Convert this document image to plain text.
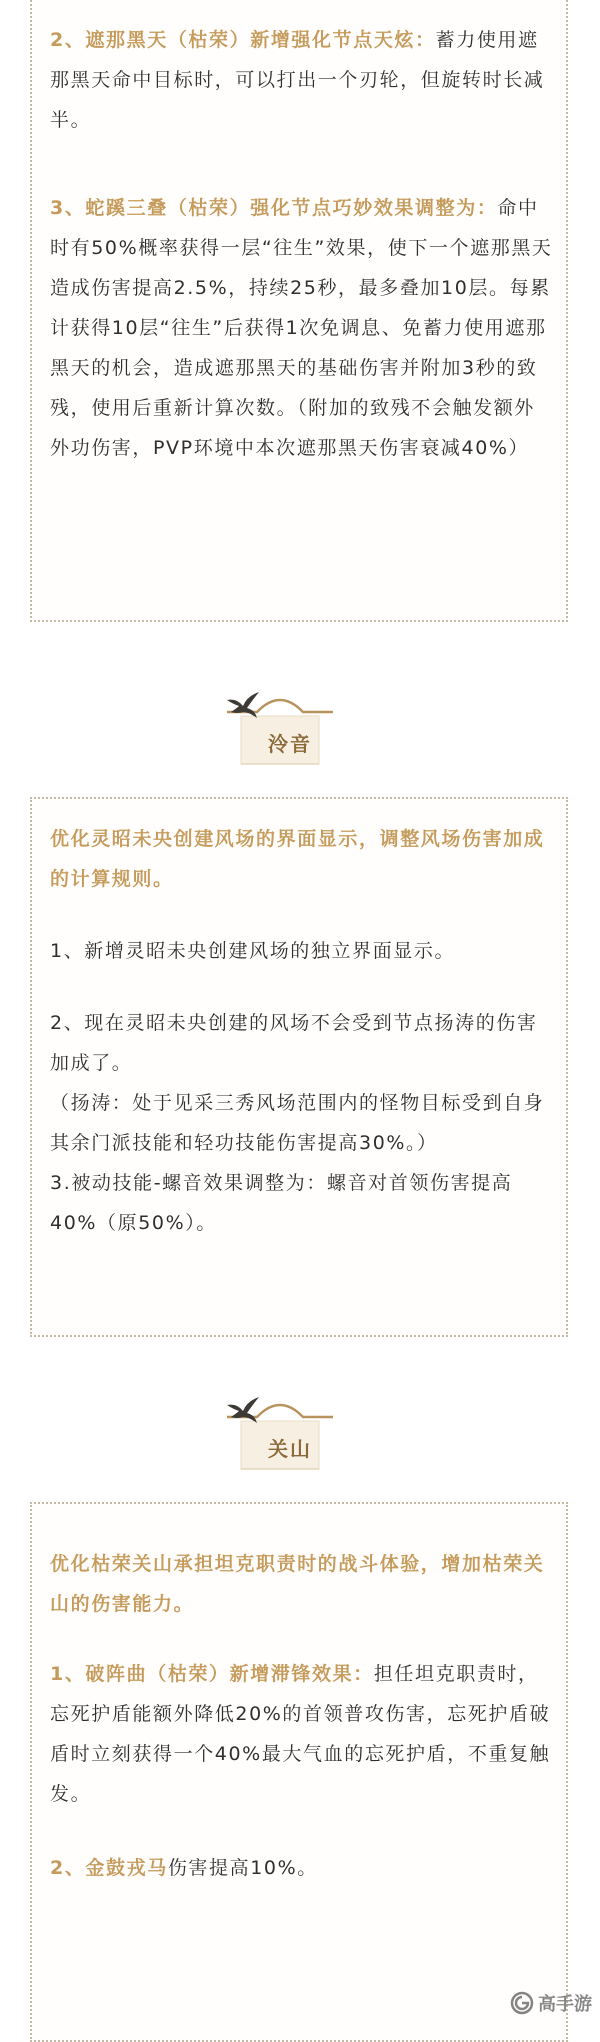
2、遮那黑天（枯荣）新增强化节点天炫：蓄力使用遮那黑天命中目标时，可以打出一个刃轮，但旋转时长减半。

3、蛇蹊三叠（枯荣）强化节点巧妙效果调整为：命中时有50%概率获得一层“往生”效果，使下一个遮那黑天造成伤害提高2.5%，持续25秒，最多叠加10层。每累计获得10层“往生”后获得1次免调息、免蓄力使用遮那黑天的机会，造成遮那黑天的基础伤害并附加3秒的致残，使用后重新计算次数。（附加的致残不会触发额外外功伤害，PVP环境中本次遮那黑天伤害衰减40%）

泠音

优化灵昭未央创建风场的界面显示，调整风场伤害加成的计算规则。

1、新增灵昭未央创建风场的独立界面显示。

2、现在灵昭未央创建的风场不会受到节点扬涛的伤害加成了。

（扬涛：处于见采三秀风场范围内的怪物目标受到自身其余门派技能和轻功技能伤害提高30%。）

3.被动技能-螺音效果调整为：螺音对首领伤害提高40%（原50%）。

关山

优化枯荣关山承担坦克职责时的战斗体验，增加枯荣关山的伤害能力。

1、破阵曲（枯荣）新增滞锋效果：担任坦克职责时，忘死护盾能额外降低20%的首领普攻伤害，忘死护盾破盾时立刻获得一个40%最大气血的忘死护盾，不重复触发。

2、金鼓戎马伤害提高10%。

高手游
